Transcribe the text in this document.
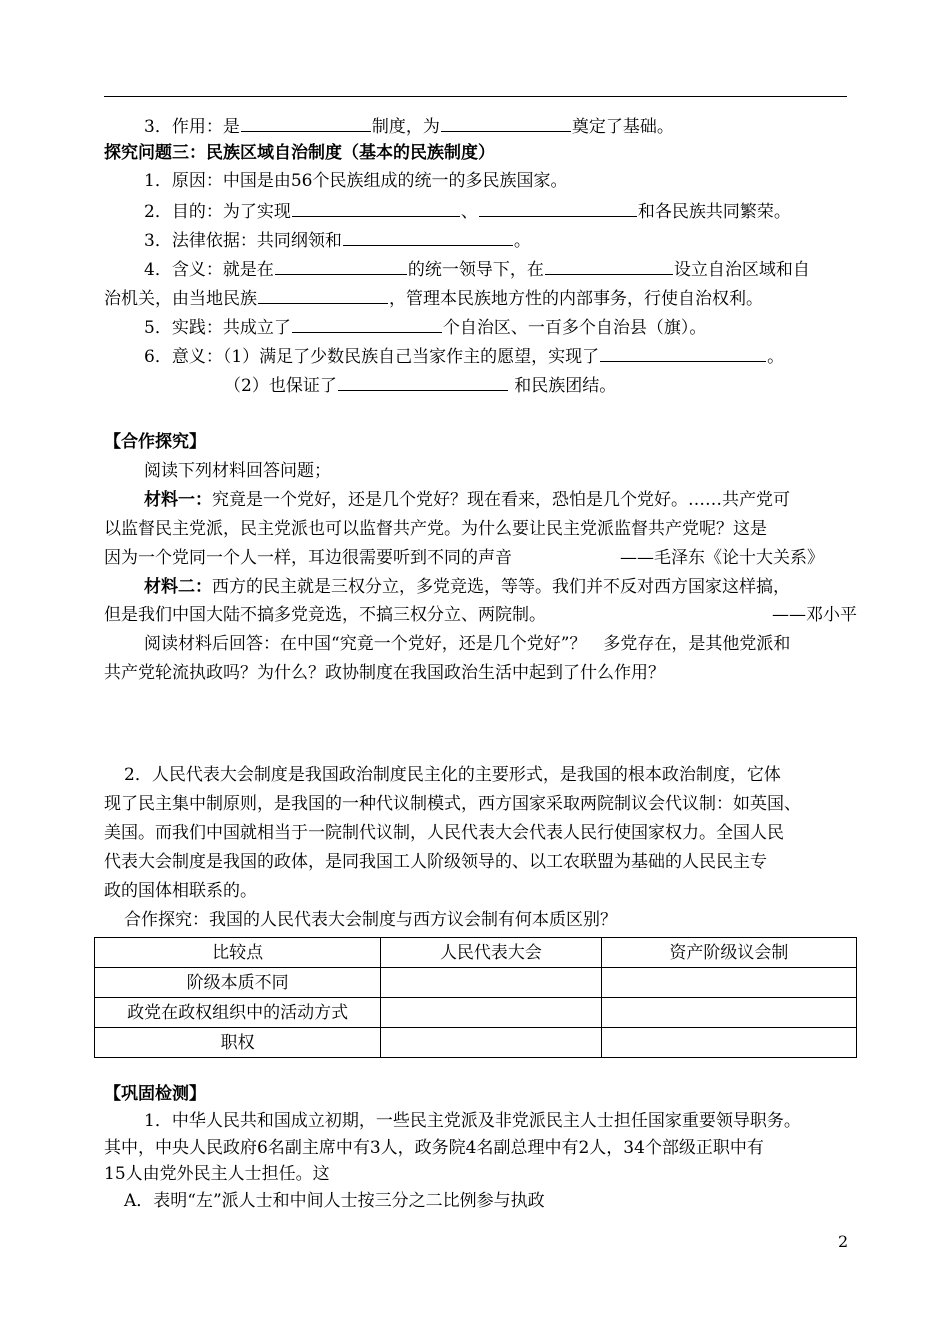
3．作用：是	制度，为	奠定了基础。
探究问题三：民族区域自治制度（基本的民族制度）
1．原因：中国是由56个民族组成的统一的多民族国家。
2．目的：为了实现	、	和各民族共同繁荣。
3．法律依据：共同纲领和	。
4．含义：就是在	的统一领导下，在	设立自治区域和自
治机关，由当地民族	，管理本民族地方性的内部事务，行使自治权利。
5．实践：共成立了	个自治区、一百多个自治县（旗）。
6．意义：（1）满足了少数民族自己当家作主的愿望，实现了	。
（2）也保证了	和民族团结。
【合作探究】
阅读下列材料回答问题；
材料一：究竟是一个党好，还是几个党好？现在看来，恐怕是几个党好。……共产党可
以监督民主党派，民主党派也可以监督共产党。为什么要让民主党派监督共产党呢？这是
因为一个党同一个人一样，耳边很需要听到不同的声音	——毛泽东《论十大关系》
材料二：西方的民主就是三权分立，多党竞选，等等。我们并不反对西方国家这样搞，
但是我们中国大陆不搞多党竞选，不搞三权分立、两院制。	——邓小平
阅读材料后回答：在中国“究竟一个党好，还是几个党好”？　多党存在，是其他党派和
共产党轮流执政吗？为什么？政协制度在我国政治生活中起到了什么作用？
2．人民代表大会制度是我国政治制度民主化的主要形式，是我国的根本政治制度，它体
现了民主集中制原则，是我国的一种代议制模式，西方国家采取两院制议会代议制：如英国、
美国。而我们中国就相当于一院制代议制，人民代表大会代表人民行使国家权力。全国人民
代表大会制度是我国的政体，是同我国工人阶级领导的、以工农联盟为基础的人民民主专
政的国体相联系的。
合作探究：我国的人民代表大会制度与西方议会制有何本质区别？
比较点	人民代表大会	资产阶级议会制
阶级本质不同		
政党在政权组织中的活动方式		
职权		
【巩固检测】
1．中华人民共和国成立初期，一些民主党派及非党派民主人士担任国家重要领导职务。
其中，中央人民政府6名副主席中有3人，政务院4名副总理中有2人，34个部级正职中有
15人由党外民主人士担任。这
A．表明“左”派人士和中间人士按三分之二比例参与执政
2
